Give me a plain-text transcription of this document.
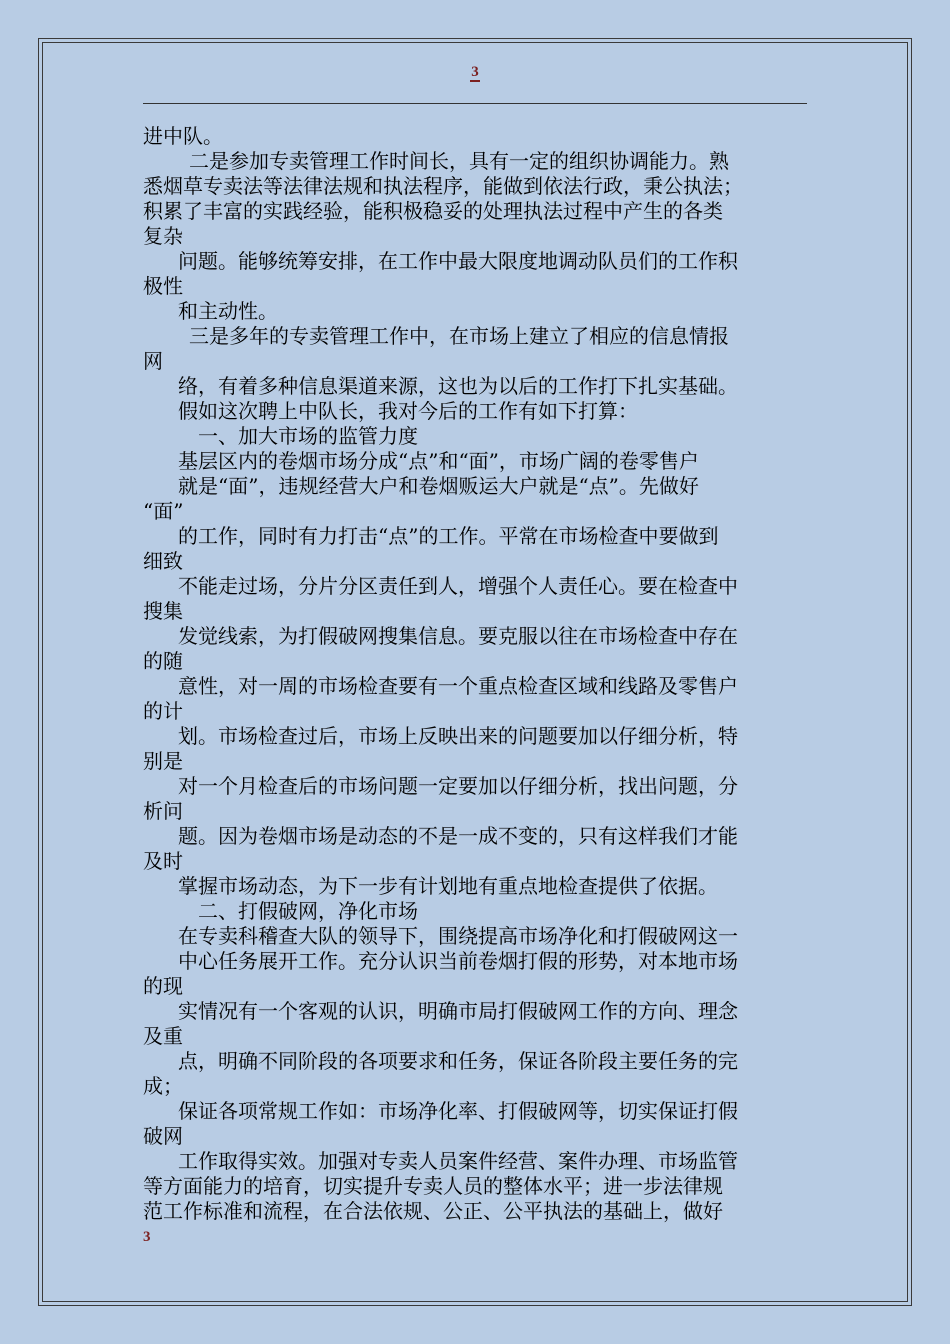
3
进中队。
二是参加专卖管理工作时间长，具有一定的组织协调能力。熟
悉烟草专卖法等法律法规和执法程序，能做到依法行政，秉公执法；
积累了丰富的实践经验，能积极稳妥的处理执法过程中产生的各类
复杂
问题。能够统筹安排，在工作中最大限度地调动队员们的工作积
极性
和主动性。
三是多年的专卖管理工作中，在市场上建立了相应的信息情报
网
络，有着多种信息渠道来源，这也为以后的工作打下扎实基础。
假如这次聘上中队长，我对今后的工作有如下打算：
一、加大市场的监管力度
基层区内的卷烟市场分成“点”和“面”，市场广阔的卷零售户
就是“面”，违规经营大户和卷烟贩运大户就是“点”。先做好
“面”
的工作，同时有力打击“点”的工作。平常在市场检查中要做到
细致
不能走过场，分片分区责任到人，增强个人责任心。要在检查中
搜集
发觉线索，为打假破网搜集信息。要克服以往在市场检查中存在
的随
意性，对一周的市场检查要有一个重点检查区域和线路及零售户
的计
划。市场检查过后，市场上反映出来的问题要加以仔细分析，特
别是
对一个月检查后的市场问题一定要加以仔细分析，找出问题，分
析问
题。因为卷烟市场是动态的不是一成不变的，只有这样我们才能
及时
掌握市场动态，为下一步有计划地有重点地检查提供了依据。
二、打假破网，净化市场
在专卖科稽查大队的领导下，围绕提高市场净化和打假破网这一
中心任务展开工作。充分认识当前卷烟打假的形势，对本地市场
的现
实情况有一个客观的认识，明确市局打假破网工作的方向、理念
及重
点，明确不同阶段的各项要求和任务，保证各阶段主要任务的完
成；
保证各项常规工作如：市场净化率、打假破网等，切实保证打假
破网
工作取得实效。加强对专卖人员案件经营、案件办理、市场监管
等方面能力的培育，切实提升专卖人员的整体水平；进一步法律规
范工作标准和流程，在合法依规、公正、公平执法的基础上，做好
3
